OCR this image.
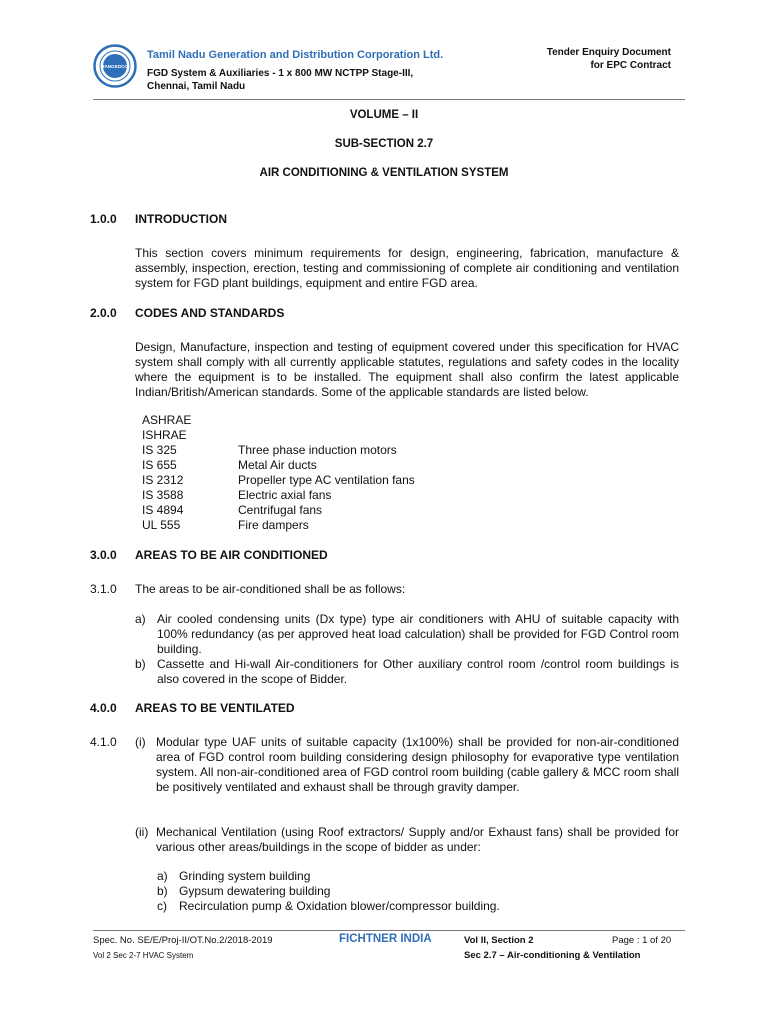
TANGEDCO
Tamil Nadu Generation and Distribution Corporation Ltd.
FGD System & Auxiliaries - 1 x 800 MW NCTPP Stage-III,
Chennai, Tamil Nadu
Tender Enquiry Document
for EPC Contract
VOLUME – II
SUB-SECTION 2.7
AIR CONDITIONING & VENTILATION SYSTEM
1.0.0 INTRODUCTION
This section covers minimum requirements for design, engineering, fabrication, manufacture & assembly, inspection, erection, testing and commissioning of complete air conditioning and ventilation system for FGD plant buildings, equipment and entire FGD area.
2.0.0 CODES AND STANDARDS
Design, Manufacture, inspection and testing of equipment covered under this specification for HVAC system shall comply with all currently applicable statutes, regulations and safety codes in the locality where the equipment is to be installed. The equipment shall also confirm the latest applicable Indian/British/American standards. Some of the applicable standards are listed below.
ASHRAE
ISHRAE
IS 325	Three phase induction motors
IS 655	Metal Air ducts
IS 2312	Propeller type AC ventilation fans
IS 3588	Electric axial fans
IS 4894	Centrifugal fans
UL 555	Fire dampers
3.0.0 AREAS TO BE AIR CONDITIONED
3.1.0 The areas to be air-conditioned shall be as follows:
a) Air cooled condensing units (Dx type) type air conditioners with AHU of suitable capacity with 100% redundancy (as per approved heat load calculation) shall be provided for FGD Control room building.
b) Cassette and Hi-wall Air-conditioners for Other auxiliary control room /control room buildings is also covered in the scope of Bidder.
4.0.0 AREAS TO BE VENTILATED
4.1.0 (i) Modular type UAF units of suitable capacity (1x100%) shall be provided for non-air-conditioned area of FGD control room building considering design philosophy for evaporative type ventilation system. All non-air-conditioned area of FGD control room building (cable gallery & MCC room shall be positively ventilated and exhaust shall be through gravity damper.
(ii) Mechanical Ventilation (using Roof extractors/ Supply and/or Exhaust fans) shall be provided for various other areas/buildings in the scope of bidder as under:
a) Grinding system building
b) Gypsum dewatering building
c) Recirculation pump & Oxidation blower/compressor building.
Spec. No. SE/E/Proj-II/OT.No.2/2018-2019
Vol 2 Sec 2-7 HVAC System
FICHTNER INDIA	Vol II, Section 2	Page : 1 of 20
Sec 2.7 – Air-conditioning & Ventilation
